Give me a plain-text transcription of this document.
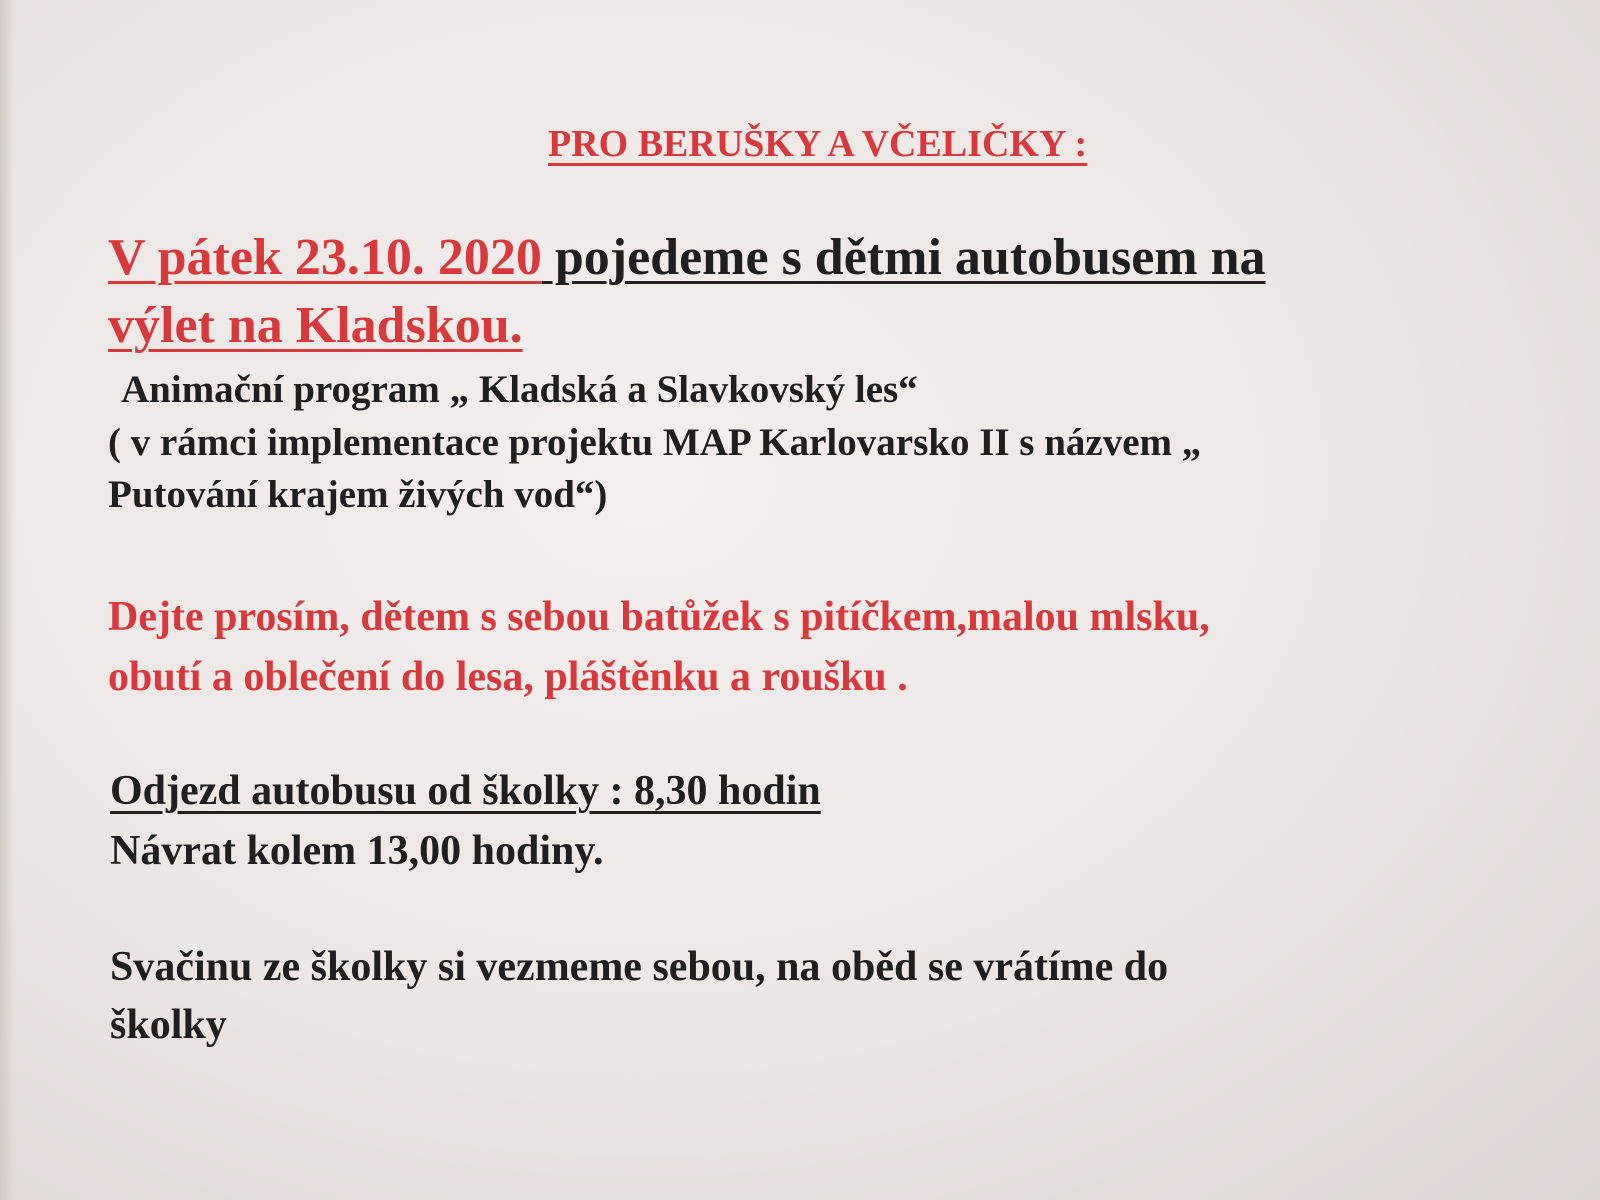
PRO BERUŠKY A VČELIČKY :
V pátek 23.10. 2020 pojedeme s dětmi autobusem na
výlet na Kladskou.
Animační program „ Kladská a Slavkovský les“
( v rámci implementace projektu MAP Karlovarsko II s názvem „
Putování krajem živých vod“)
Dejte prosím, dětem s sebou batůžek s pitíčkem,malou mlsku,
obutí a oblečení do lesa, pláštěnku a roušku .
Odjezd autobusu od školky : 8,30 hodin
Návrat kolem 13,00 hodiny.
Svačinu ze školky si vezmeme sebou, na oběd se vrátíme do
školky
